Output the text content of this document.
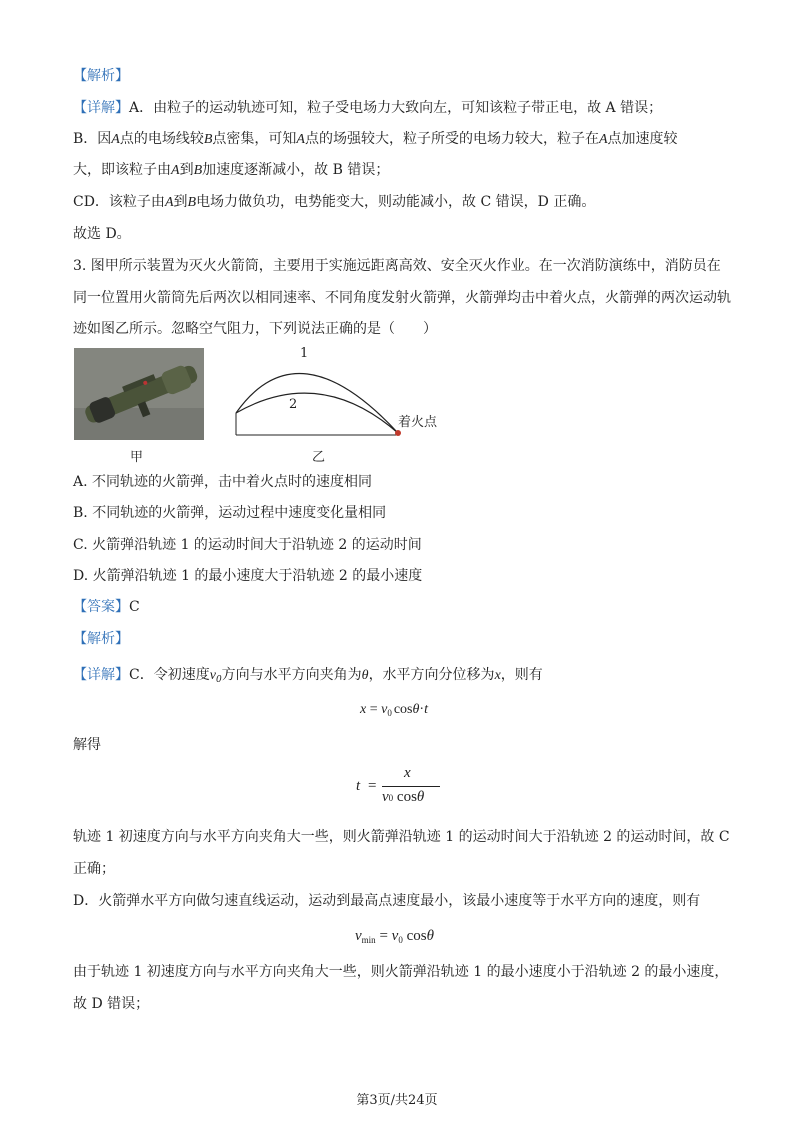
【解析】
【详解】A．由粒子的运动轨迹可知，粒子受电场力大致向左，可知该粒子带正电，故 A 错误；
B．因A点的电场线较B点密集，可知A点的场强较大，粒子所受的电场力较大，粒子在A点加速度较
大，即该粒子由A到B加速度逐渐减小，故 B 错误；
CD．该粒子由A到B电场力做负功，电势能变大，则动能减小，故 C 错误，D 正确。
故选 D。
3. 图甲所示装置为灭火火箭筒，主要用于实施远距离高效、安全灭火作业。在一次消防演练中，消防员在
同一位置用火箭筒先后两次以相同速率、不同角度发射火箭弹，火箭弹均击中着火点，火箭弹的两次运动轨
迹如图乙所示。忽略空气阻力，下列说法正确的是（　　）
1
2
着火点
甲	乙
A. 不同轨迹的火箭弹，击中着火点时的速度相同
B. 不同轨迹的火箭弹，运动过程中速度变化量相同
C. 火箭弹沿轨迹 1 的运动时间大于沿轨迹 2 的运动时间
D. 火箭弹沿轨迹 1 的最小速度大于沿轨迹 2 的最小速度
【答案】C
【解析】
【详解】C．令初速度$v_0$方向与水平方向夹角为θ，水平方向分位移为x，则有
$x = v_0$ cosθ·t
解得
t =
x
v0 cosθ
轨迹 1 初速度方向与水平方向夹角大一些，则火箭弹沿轨迹 1 的运动时间大于沿轨迹 2 的运动时间，故 C
正确；
D．火箭弹水平方向做匀速直线运动，运动到最高点速度最小，该最小速度等于水平方向的速度，则有
$v_{min} = v_0$ cosθ
由于轨迹 1 初速度方向与水平方向夹角大一些，则火箭弹沿轨迹 1 的最小速度小于沿轨迹 2 的最小速度，
故 D 错误；
第3页/共24页
